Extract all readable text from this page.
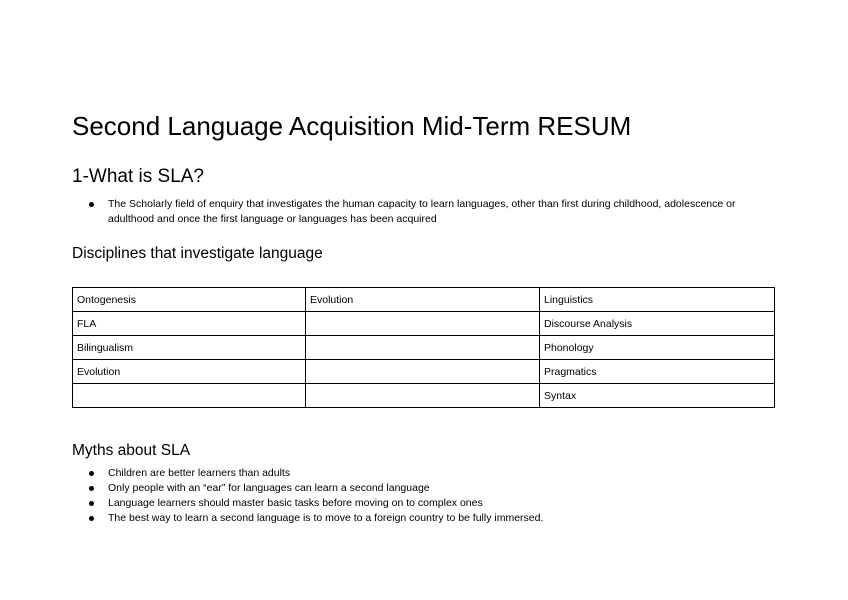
Second Language Acquisition Mid-Term RESUM
1-What is SLA?
The Scholarly field of enquiry that investigates the human capacity to learn languages, other than first during childhood, adolescence or adulthood and once the first language or languages has been acquired
Disciplines that investigate language
Ontogenesis	Evolution	Linguistics
FLA		Discourse Analysis
Bilingualism		Phonology
Evolution		Pragmatics
		Syntax
Myths about SLA
Children are better learners than adults
Only people with an “ear” for languages can learn a second language
Language learners should master basic tasks before moving on to complex ones
The best way to learn a second language is to move to a foreign country to be fully immersed.
